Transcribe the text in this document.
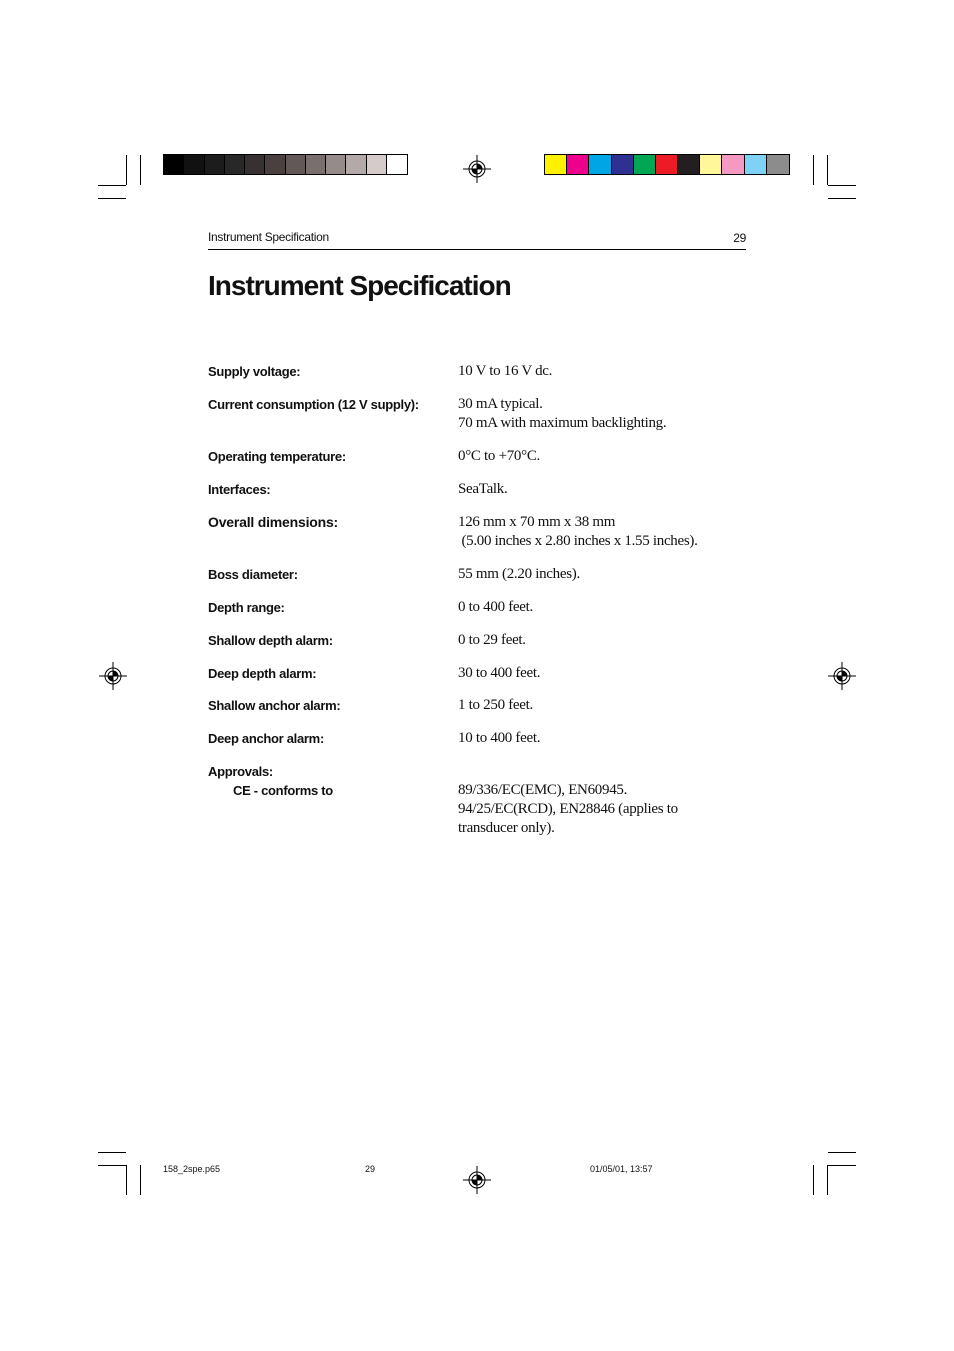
Instrument Specification	29
Instrument Specification
Supply voltage:	10 V to 16 V dc.
Current consumption (12 V supply):	30 mA typical.
70 mA with maximum backlighting.
Operating temperature:	0°C to +70°C.
Interfaces:	SeaTalk.
Overall dimensions:	126 mm x 70 mm x 38 mm
(5.00 inches x 2.80 inches x 1.55 inches).
Boss diameter:	55 mm (2.20 inches).
Depth range:	0 to 400 feet.
Shallow depth alarm:	0 to 29 feet.
Deep depth alarm:	30 to 400 feet.
Shallow anchor alarm:	1 to 250 feet.
Deep anchor alarm:	10 to 400 feet.
Approvals:
CE - conforms to	89/336/EC(EMC), EN60945.
94/25/EC(RCD), EN28846 (applies to
transducer only).
158_2spe.p65	29	01/05/01, 13:57
